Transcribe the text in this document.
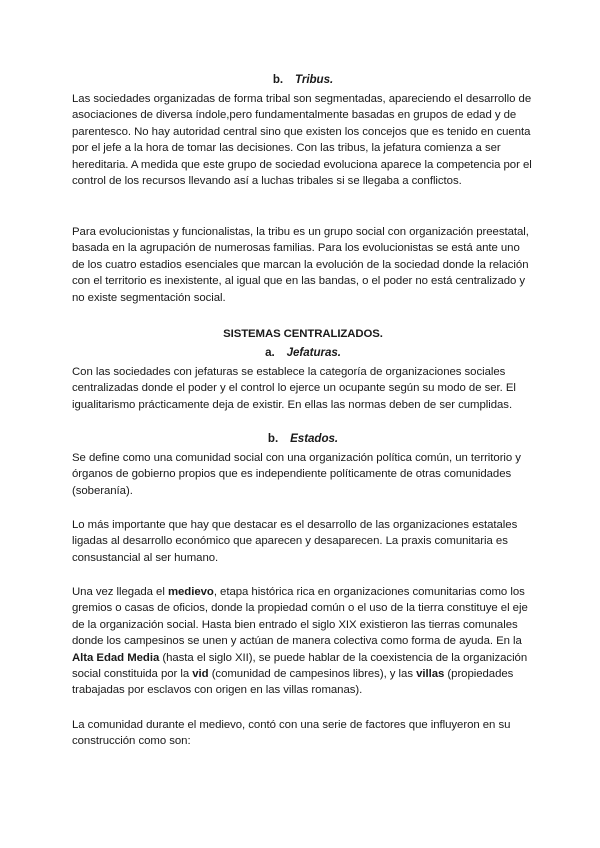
b. Tribus.

Las sociedades organizadas de forma tribal son segmentadas, apareciendo el desarrollo de asociaciones de diversa índole,pero fundamentalmente basadas en grupos de edad y de parentesco. No hay autoridad central sino que existen los concejos que es tenido en cuenta por el jefe a la hora de tomar las decisiones. Con las tribus, la jefatura comienza a ser hereditaria. A medida que este grupo de sociedad evoluciona aparece la competencia por el control de los recursos llevando así a luchas tribales si se llegaba a conflictos.

Para evolucionistas y funcionalistas, la tribu es un grupo social con organización preestatal, basada en la agrupación de numerosas familias. Para los evolucionistas se está ante uno de los cuatro estadios esenciales que marcan la evolución de la sociedad donde la relación con el territorio es inexistente, al igual que en las bandas, o el poder no está centralizado y no existe segmentación social.

SISTEMAS CENTRALIZADOS.

a. Jefaturas.

Con las sociedades con jefaturas se establece la categoría de organizaciones sociales centralizadas donde el poder y el control lo ejerce un ocupante según su modo de ser. El igualitarismo prácticamente deja de existir. En ellas las normas deben de ser cumplidas.

b. Estados.

Se define como una comunidad social con una organización política común, un territorio y órganos de gobierno propios que es independiente políticamente de otras comunidades (soberanía).

Lo más importante que hay que destacar es el desarrollo de las organizaciones estatales ligadas al desarrollo económico que aparecen y desaparecen. La praxis comunitaria es consustancial al ser humano.

Una vez llegada el medievo, etapa histórica rica en organizaciones comunitarias como los gremios o casas de oficios, donde la propiedad común o el uso de la tierra constituye el eje de la organización social. Hasta bien entrado el siglo XIX existieron las tierras comunales donde los campesinos se unen y actúan de manera colectiva como forma de ayuda. En la Alta Edad Media (hasta el siglo XII), se puede hablar de la coexistencia de la organización social constituida por la vid (comunidad de campesinos libres), y las villas (propiedades trabajadas por esclavos con origen en las villas romanas).

La comunidad durante el medievo, contó con una serie de factores que influyeron en su construcción como son:
